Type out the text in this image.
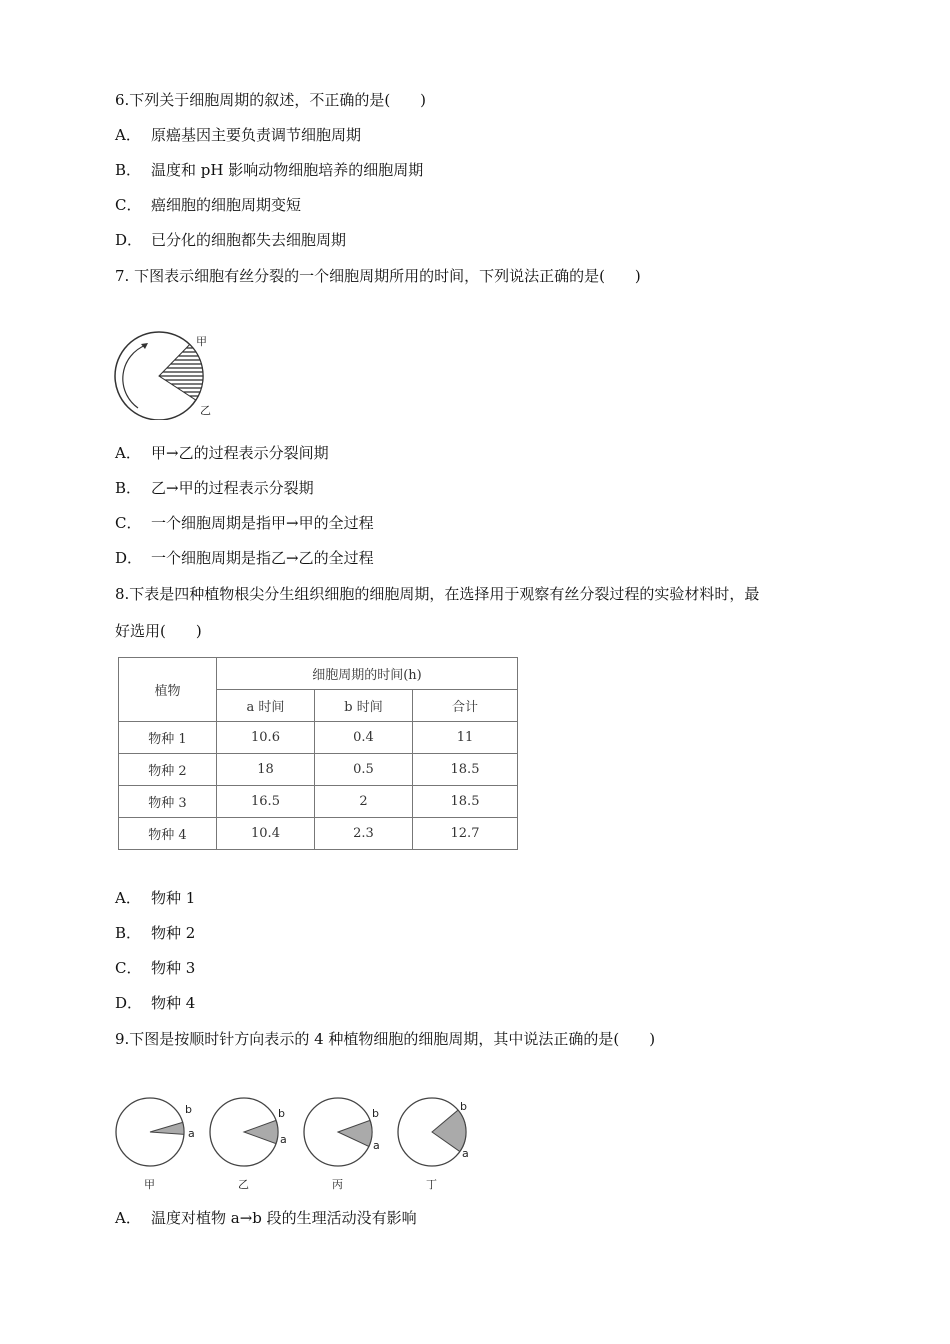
6.下列关于细胞周期的叙述，不正确的是(　　)
A． 原癌基因主要负责调节细胞周期
B． 温度和 pH 影响动物细胞培养的细胞周期
C． 癌细胞的细胞周期变短
D． 已分化的细胞都失去细胞周期
7. 下图表示细胞有丝分裂的一个细胞周期所用的时间，下列说法正确的是(　　)
甲
乙
A． 甲→乙的过程表示分裂间期
B． 乙→甲的过程表示分裂期
C． 一个细胞周期是指甲→甲的全过程
D． 一个细胞周期是指乙→乙的全过程
8.下表是四种植物根尖分生组织细胞的细胞周期，在选择用于观察有丝分裂过程的实验材料时，最
好选用(　　)
植物	细胞周期的时间(h)		
	a 时间	b 时间	合计
物种 1	10.6	0.4	11
物种 2	18	0.5	18.5
物种 3	16.5	2	18.5
物种 4	10.4	2.3	12.7
A． 物种 1
B． 物种 2
C． 物种 3
D． 物种 4
9.下图是按顺时针方向表示的 4 种植物细胞的细胞周期，其中说法正确的是(　　)
b
a
甲
b
a
乙
b
a
丙
b
a
丁
A． 温度对植物 a→b 段的生理活动没有影响
